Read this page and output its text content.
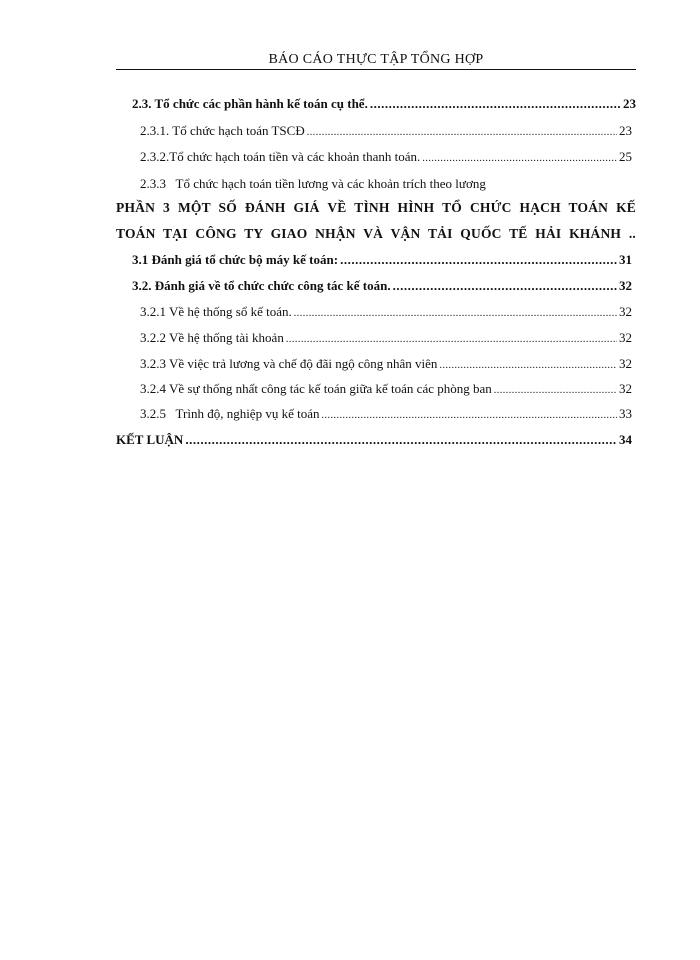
BÁO CÁO THỰC TẬP TỔNG HỢP
2.3. Tổ chức các phần hành kế toán cụ thể. .....	23
2.3.1. Tổ chức hạch toán TSCĐ .....	23
2.3.2.Tổ chức hạch toán tiền và các khoản thanh toán. .....	25
2.3.3   Tổ chức hạch toán tiền lương và các khoản trích theo lương
PHẦN 3 MỘT SỐ ĐÁNH GIÁ VỀ TÌNH HÌNH TỔ CHỨC HẠCH TOÁN KẾ
TOÁN TẠI CÔNG TY GIAO NHẬN VÀ VẬN TẢI QUỐC TẾ HẢI KHÁNH ..
3.1 Đánh giá tổ chức bộ máy kế toán: .....	31
3.2. Đánh giá về tổ chức chức công tác kế toán. .....	32
3.2.1 Về hệ thống sổ kế toán. .....	32
3.2.2 Về hệ thống tài khoản .....	32
3.2.3 Về việc trả lương và chế độ đãi ngộ công nhân viên .....	32
3.2.4 Về sự thống nhất công tác kế toán giữa kế toán các phòng ban .....	32
3.2.5   Trình độ, nghiệp vụ kế toán .....	33
KẾT LUẬN .....	34
